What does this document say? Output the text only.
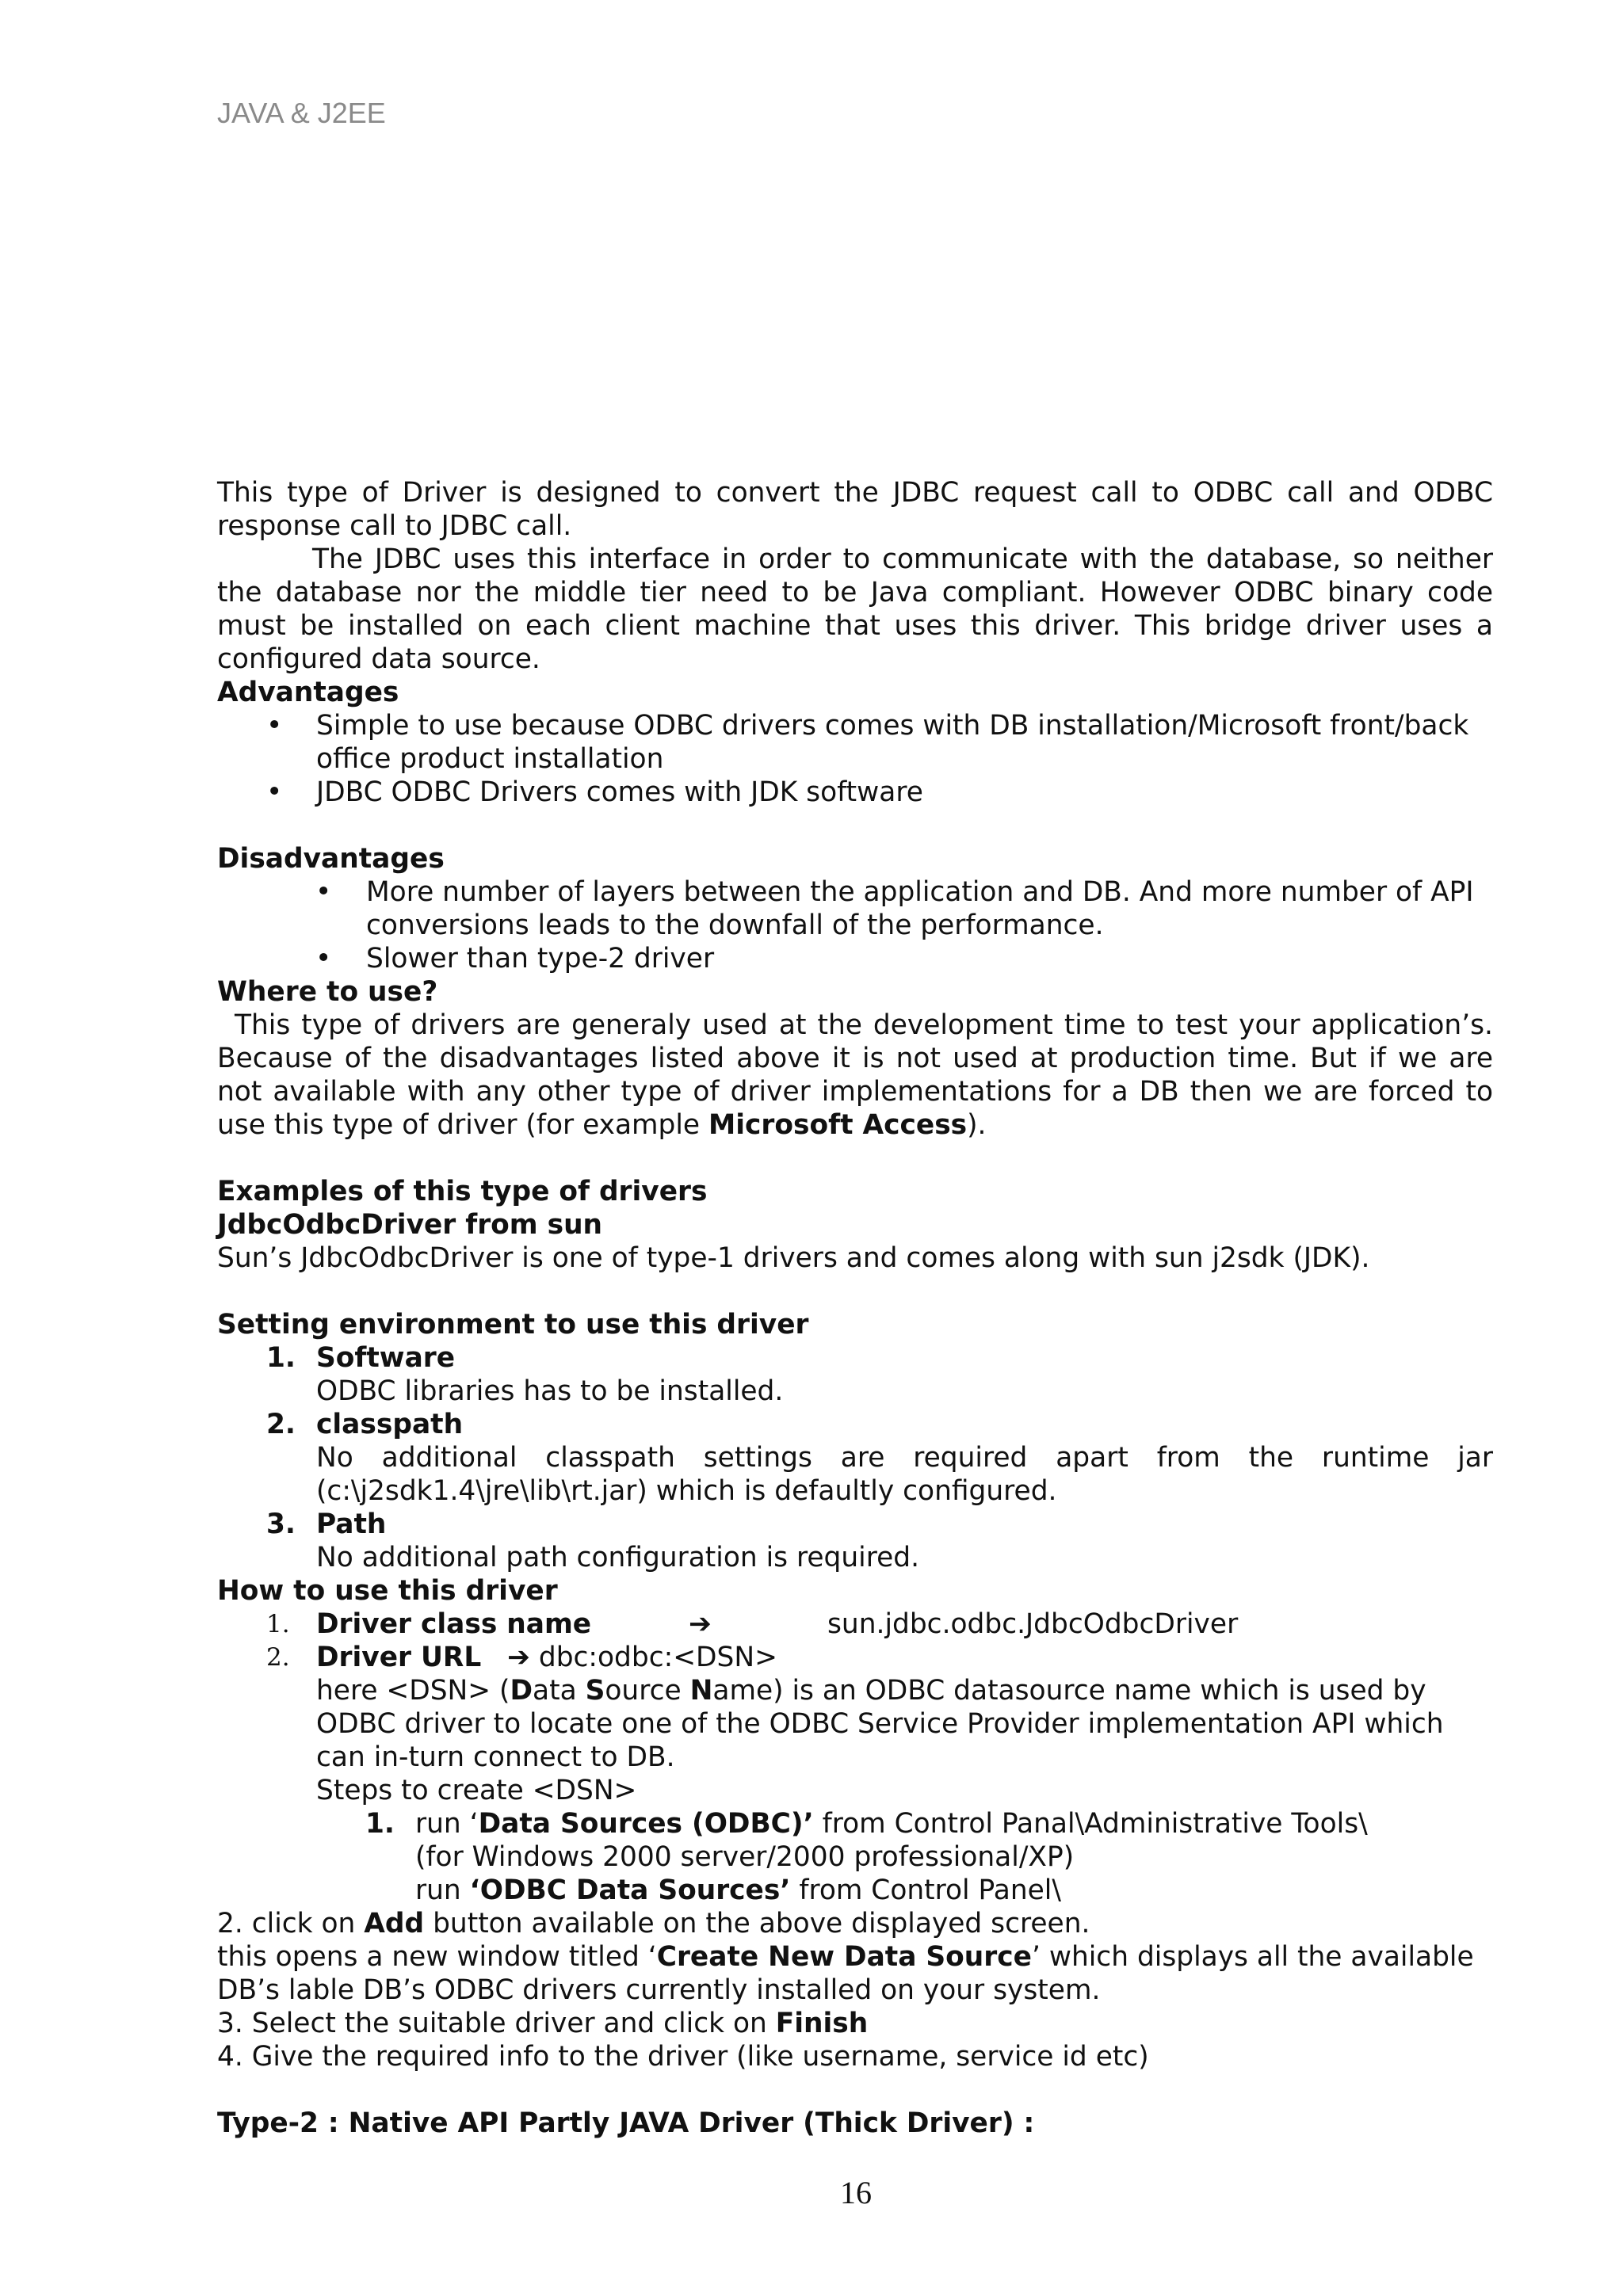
JAVA & J2EE

This type of Driver is designed to convert the JDBC request call to ODBC call and ODBC response call to JDBC call.

The JDBC uses this interface in order to communicate with the database, so neither the database nor the middle tier need to be Java compliant. However ODBC binary code must be installed on each client machine that uses this driver. This bridge driver uses a configured data source.

Advantages

• Simple to use because ODBC drivers comes with DB installation/Microsoft front/back office product installation
• JDBC ODBC Drivers comes with JDK software

Disadvantages

• More number of layers between the application and DB. And more number of API conversions leads to the downfall of the performance.
• Slower than type-2 driver

Where to use?

This type of drivers are generaly used at the development time to test your application’s. Because of the disadvantages listed above it is not used at production time. But if we are not available with any other type of driver implementations for a DB then we are forced to use this type of driver (for example Microsoft Access).

Examples of this type of drivers

JdbcOdbcDriver from sun

Sun’s JdbcOdbcDriver is one of type-1 drivers and comes along with sun j2sdk (JDK).

Setting environment to use this driver

1. Software

ODBC libraries has to be installed.

2. classpath

No additional classpath settings are required apart from the runtime jar (c:\j2sdk1.4\jre\lib\rt.jar) which is defaultly configured.

3. Path

No additional path configuration is required.

How to use this driver

1. Driver class name	➔	sun.jdbc.odbc.JdbcOdbcDriver
2. Driver URL ➔ dbc:odbc:<DSN>

here <DSN> (Data Source Name) is an ODBC datasource name which is used by ODBC driver to locate one of the ODBC Service Provider implementation API which can in-turn connect to DB.

Steps to create <DSN>

1. run ‘Data Sources (ODBC)’ from Control Panal\Administrative Tools\

(for Windows 2000 server/2000 professional/XP)

run ‘ODBC Data Sources’ from Control Panel\

2. click on Add button available on the above displayed screen.

this opens a new window titled ‘Create New Data Source’ which displays all the available DB’s lable DB’s ODBC drivers currently installed on your system.

3. Select the suitable driver and click on Finish

4. Give the required info to the driver (like username, service id etc)

Type-2 : Native API Partly JAVA Driver (Thick Driver) :

16
